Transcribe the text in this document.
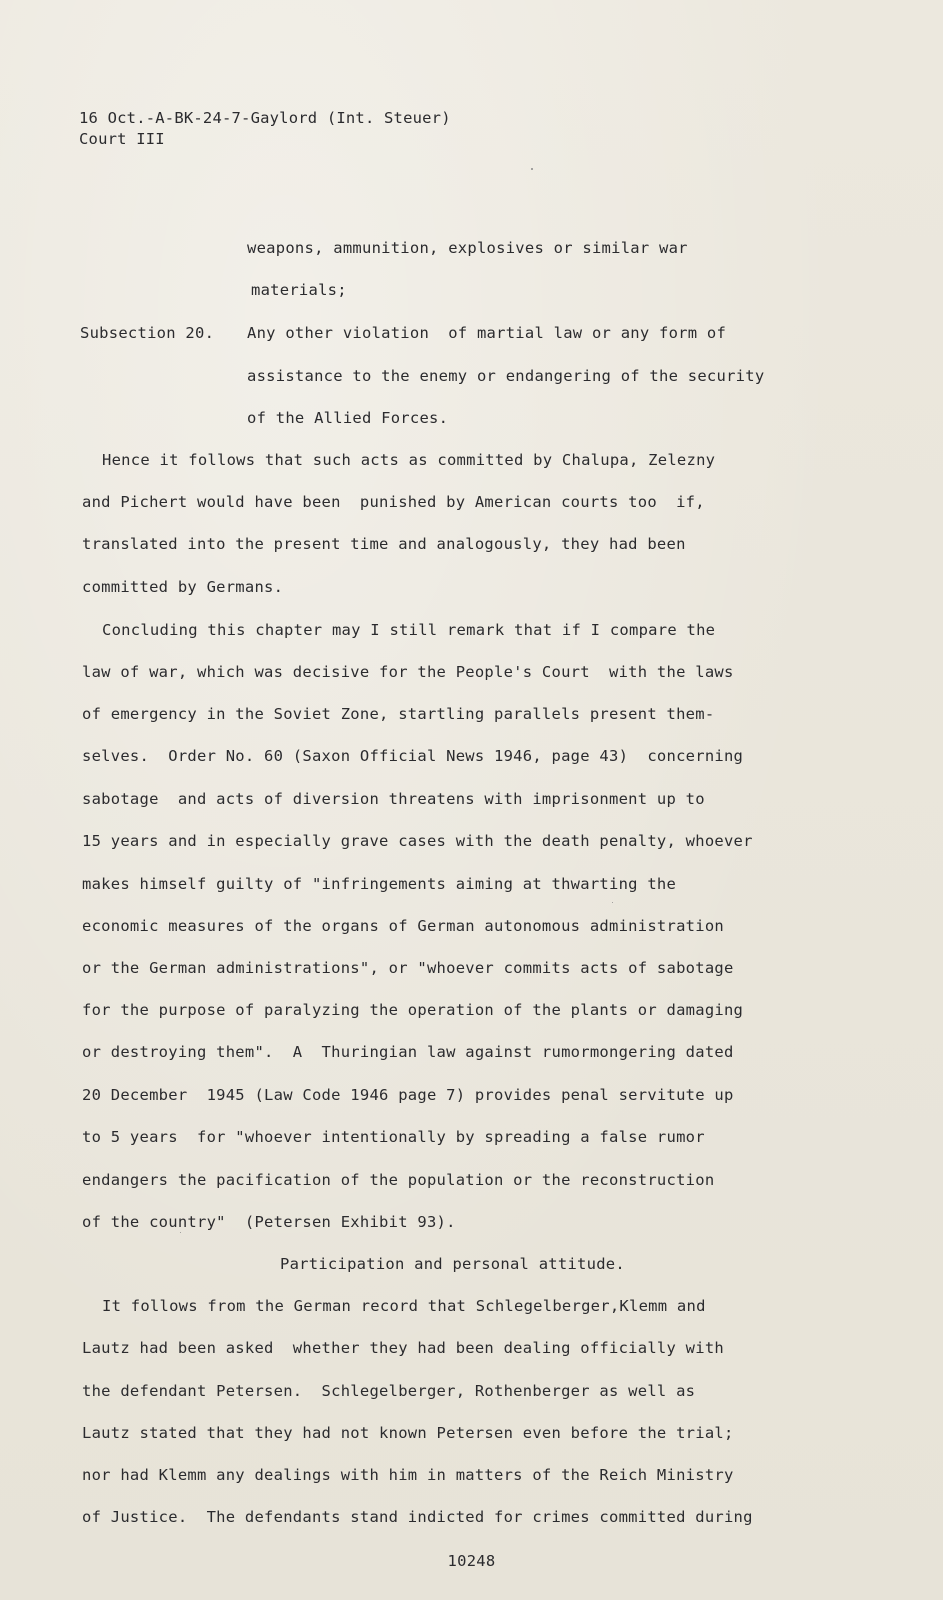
16 Oct.-A-BK-24-7-Gaylord (Int. Steuer)
Court III
weapons, ammunition, explosives or similar war
materials;
Subsection 20. Any other violation  of martial law or any form of
assistance to the enemy or endangering of the security
of the Allied Forces.
Hence it follows that such acts as committed by Chalupa, Zelezny
and Pichert would have been  punished by American courts too  if,
translated into the present time and analogously, they had been
committed by Germans.
Concluding this chapter may I still remark that if I compare the
law of war, which was decisive for the People's Court  with the laws
of emergency in the Soviet Zone, startling parallels present them-
selves.  Order No. 60 (Saxon Official News 1946, page 43)  concerning
sabotage  and acts of diversion threatens with imprisonment up to
15 years and in especially grave cases with the death penalty, whoever
makes himself guilty of "infringements aiming at thwarting the
economic measures of the organs of German autonomous administration
or the German administrations", or "whoever commits acts of sabotage
for the purpose of paralyzing the operation of the plants or damaging
or destroying them".  A  Thuringian law against rumormongering dated
20 December  1945 (Law Code 1946 page 7) provides penal servitute up
to 5 years  for "whoever intentionally by spreading a false rumor
endangers the pacification of the population or the reconstruction
of the country"  (Petersen Exhibit 93).
Participation and personal attitude.
It follows from the German record that Schlegelberger,Klemm and
Lautz had been asked  whether they had been dealing officially with
the defendant Petersen.  Schlegelberger, Rothenberger as well as
Lautz stated that they had not known Petersen even before the trial;
nor had Klemm any dealings with him in matters of the Reich Ministry
of Justice.  The defendants stand indicted for crimes committed during
10248
